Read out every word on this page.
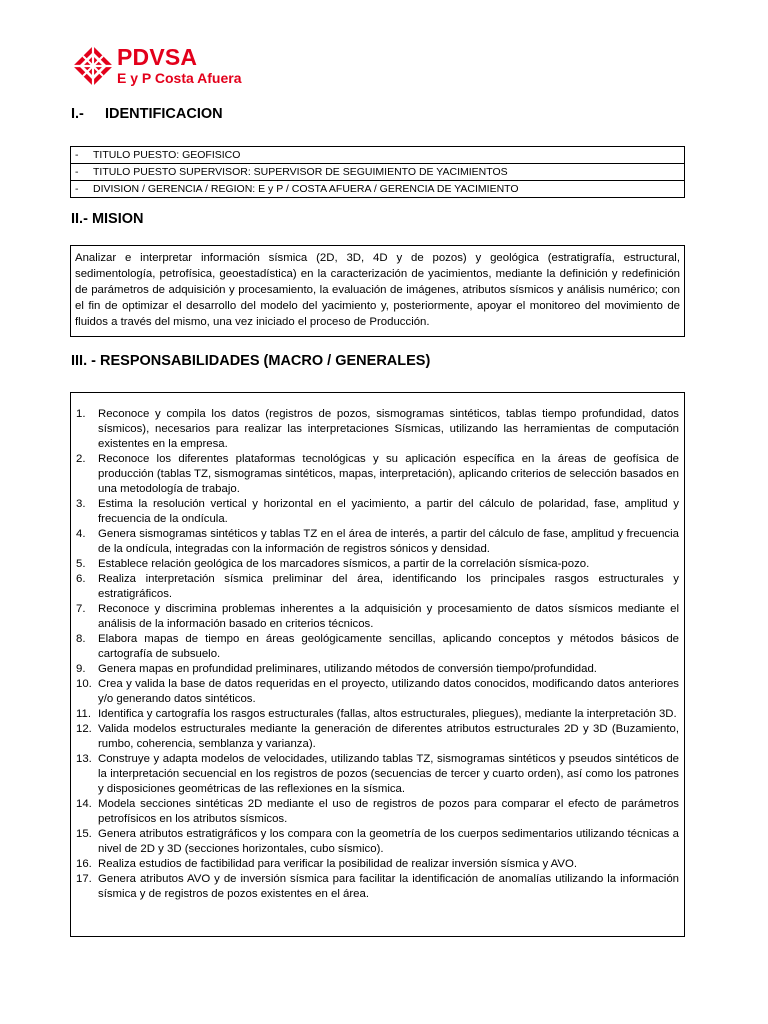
PDVSA
E y P Costa Afuera
I.- IDENTIFICACION
- TITULO PUESTO: GEOFISICO
- TITULO PUESTO SUPERVISOR: SUPERVISOR DE SEGUIMIENTO DE YACIMIENTOS
- DIVISION / GERENCIA / REGION: E y P / COSTA AFUERA / GERENCIA DE YACIMIENTO
II.- MISION

Analizar e interpretar información sísmica (2D, 3D, 4D y de pozos) y geológica (estratigrafía, estructural, sedimentología, petrofísica, geoestadística) en la caracterización de yacimientos, mediante la definición y redefinición de parámetros de adquisición y procesamiento, la evaluación de imágenes, atributos sísmicos y análisis numérico; con el fin de optimizar el desarrollo del modelo del yacimiento y, posteriormente, apoyar el monitoreo del movimiento de fluidos a través del mismo, una vez iniciado el proceso de Producción.

III. - RESPONSABILIDADES (MACRO / GENERALES)
1. Reconoce y compila los datos (registros de pozos, sismogramas sintéticos, tablas tiempo profundidad, datos sísmicos), necesarios para realizar las interpretaciones Sísmicas, utilizando las herramientas de computación existentes en la empresa.
2. Reconoce los diferentes plataformas tecnológicas y su aplicación específica en la áreas de geofísica de producción (tablas TZ, sismogramas sintéticos, mapas, interpretación), aplicando criterios de selección basados en una metodología de trabajo.
3. Estima la resolución vertical y horizontal en el yacimiento, a partir del cálculo de polaridad, fase, amplitud y frecuencia de la ondícula.
4. Genera sismogramas sintéticos y tablas TZ en el área de interés, a partir del cálculo de fase, amplitud y frecuencia de la ondícula, integradas con la información de registros sónicos y densidad.
5. Establece relación geológica de los marcadores sísmicos, a partir de la correlación sísmica-pozo.
6. Realiza interpretación sísmica preliminar del área, identificando los principales rasgos estructurales y estratigráficos.
7. Reconoce y discrimina problemas inherentes a la adquisición y procesamiento de datos sísmicos mediante el análisis de la información basado en criterios técnicos.
8. Elabora mapas de tiempo en áreas geológicamente sencillas, aplicando conceptos y métodos básicos de cartografía de subsuelo.
9. Genera mapas en profundidad preliminares, utilizando métodos de conversión tiempo/profundidad.
10. Crea y valida la base de datos requeridas en el proyecto, utilizando datos conocidos, modificando datos anteriores y/o generando datos sintéticos.
11. Identifica y cartografía los rasgos estructurales (fallas, altos estructurales, pliegues), mediante la interpretación 3D.
12. Valida modelos estructurales mediante la generación de diferentes atributos estructurales 2D y 3D (Buzamiento, rumbo, coherencia, semblanza y varianza).
13. Construye y adapta modelos de velocidades, utilizando tablas TZ, sismogramas sintéticos y pseudos sintéticos de la interpretación secuencial en los registros de pozos (secuencias de tercer y cuarto orden), así como los patrones y disposiciones geométricas de las reflexiones en la sísmica.
14. Modela secciones sintéticas 2D mediante el uso de registros de pozos para comparar el efecto de parámetros petrofísicos en los atributos sísmicos.
15. Genera atributos estratigráficos y los compara con la geometría de los cuerpos sedimentarios utilizando técnicas a nivel de 2D y 3D (secciones horizontales, cubo sísmico).
16. Realiza estudios de factibilidad para verificar la posibilidad de realizar inversión sísmica y AVO.
17. Genera atributos AVO y de inversión sísmica para facilitar la identificación de anomalías utilizando la información sísmica y de registros de pozos existentes en el área.
